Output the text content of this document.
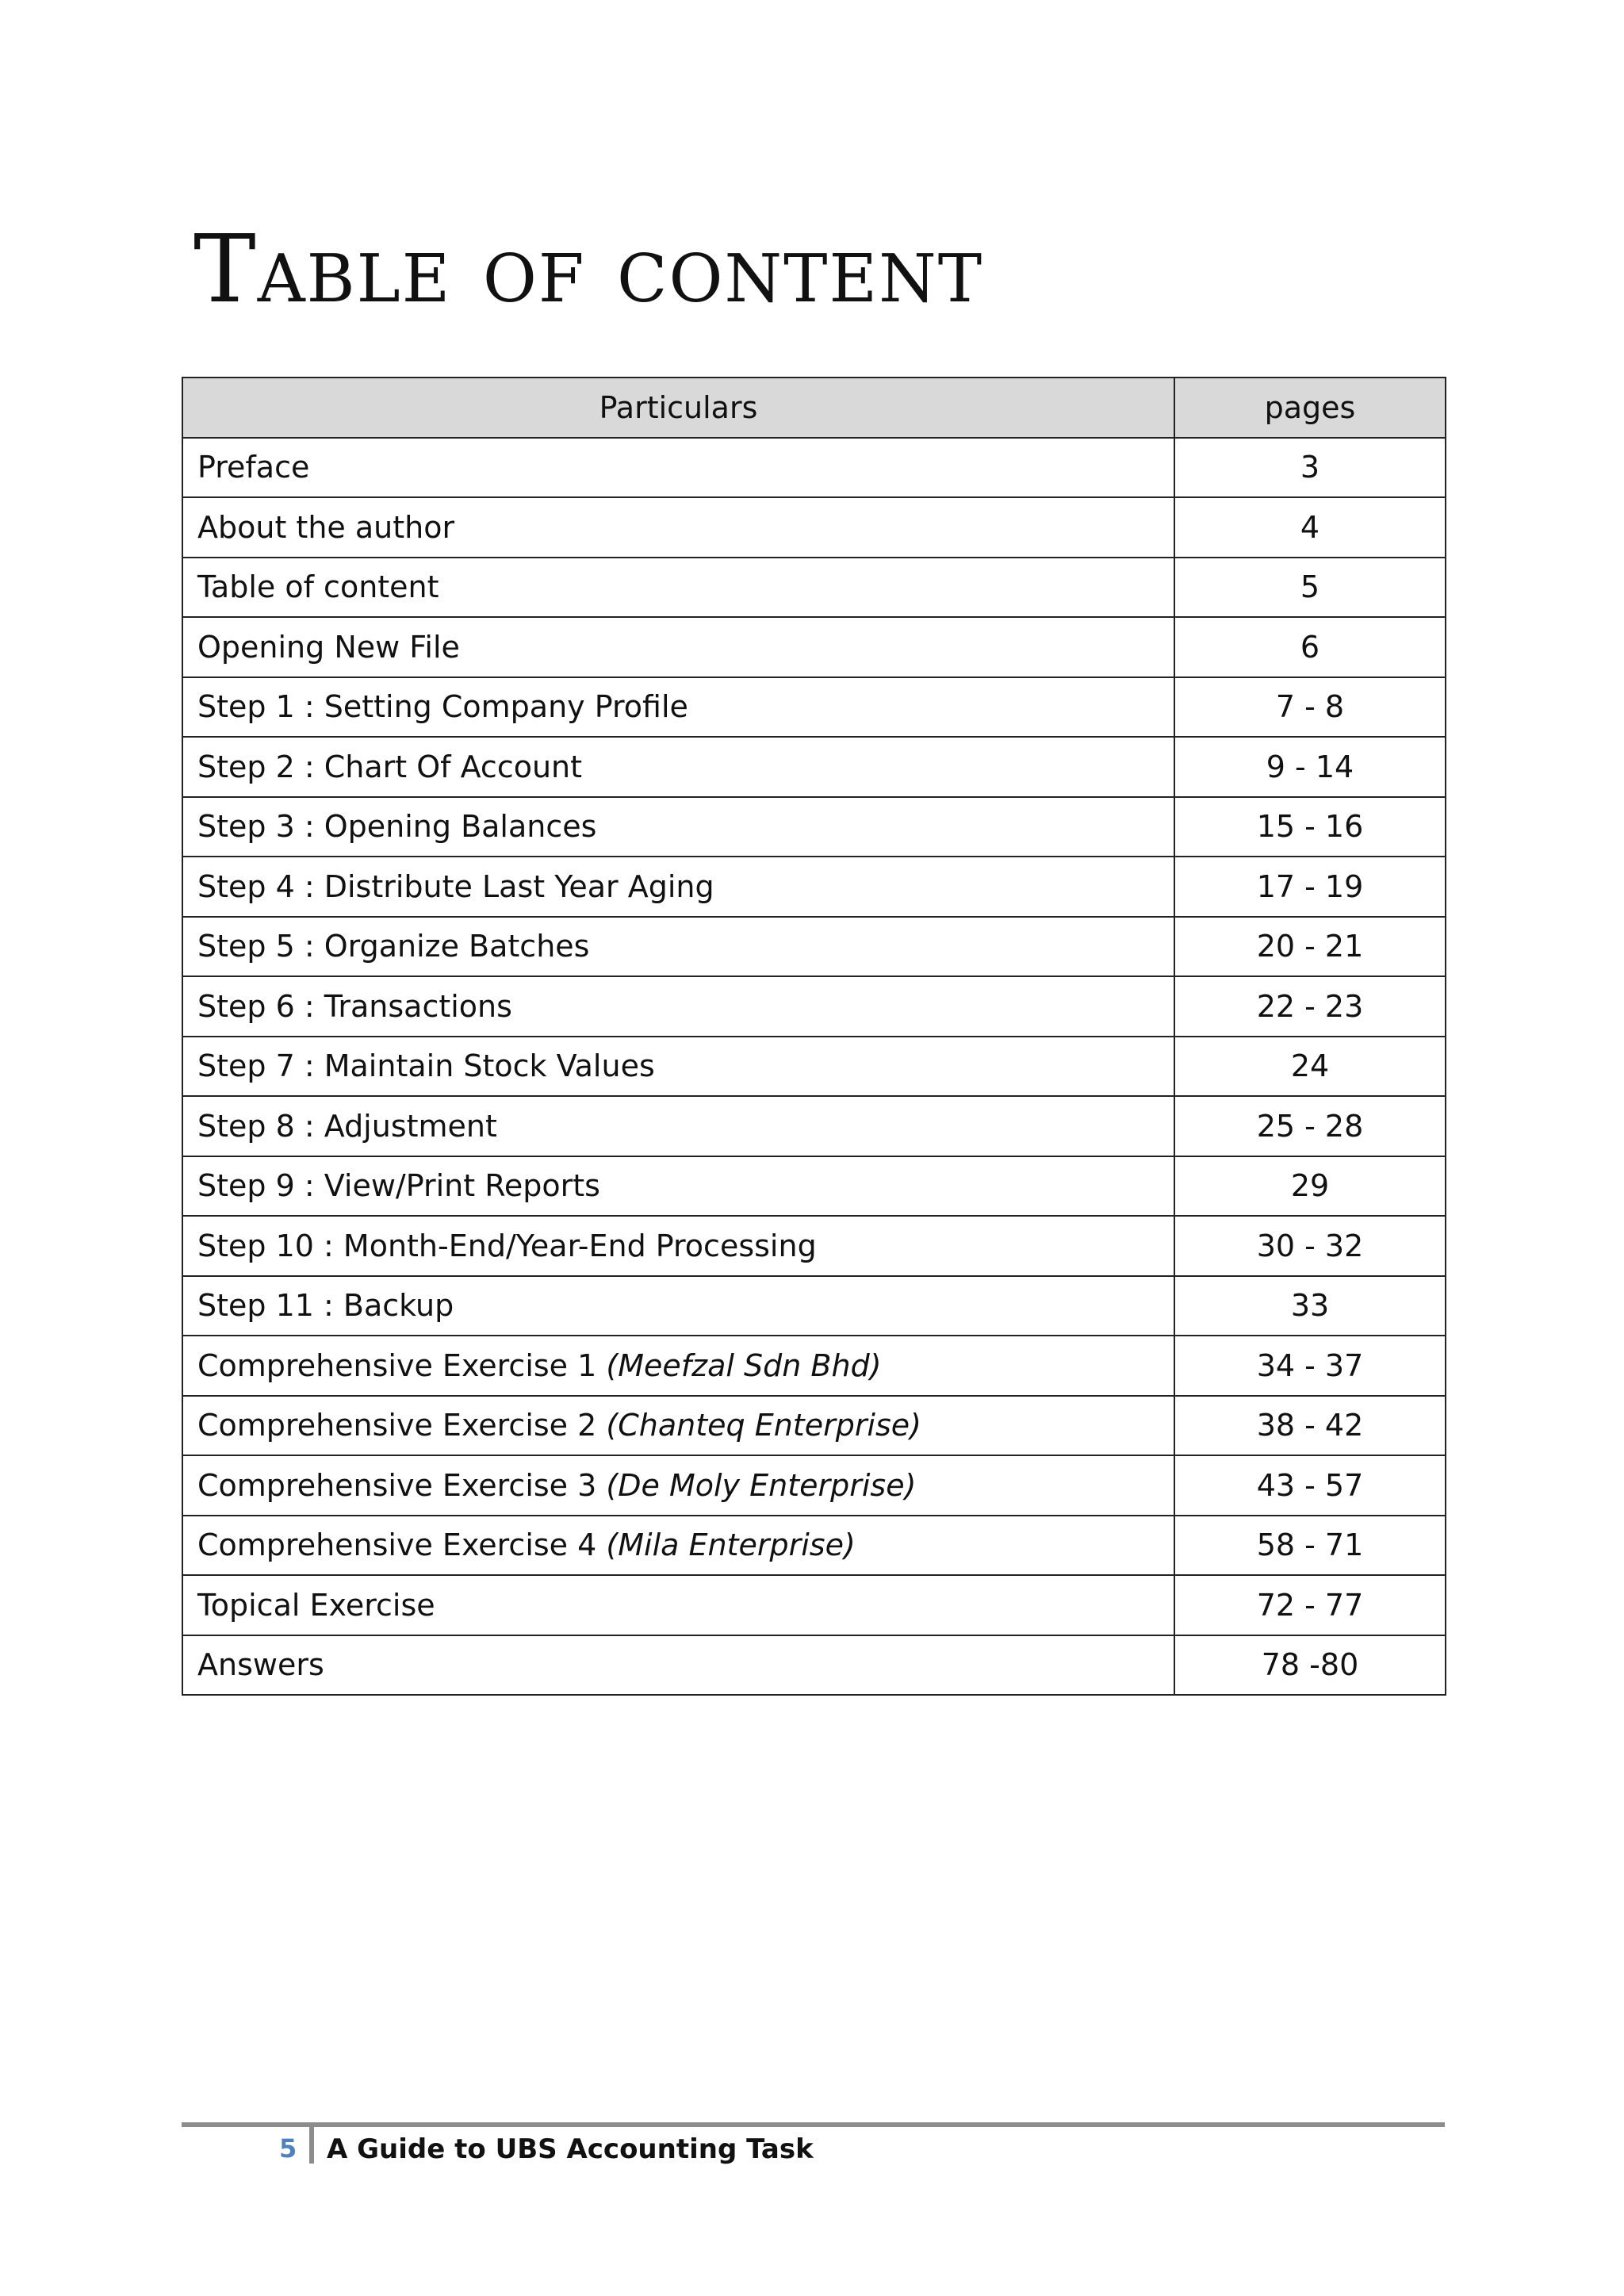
Table of content
Particulars	pages
Preface	3
About the author	4
Table of content	5
Opening New File	6
Step 1 : Setting Company Profile	7 - 8
Step 2 : Chart Of Account	9 - 14
Step 3 : Opening Balances	15 - 16
Step 4 : Distribute Last Year Aging	17 - 19
Step 5 : Organize Batches	20 - 21
Step 6 : Transactions	22 - 23
Step 7 : Maintain Stock Values	24
Step 8 : Adjustment	25 - 28
Step 9 : View/Print Reports	29
Step 10 : Month-End/Year-End Processing	30 - 32
Step 11 : Backup	33
Comprehensive Exercise 1 (Meefzal Sdn Bhd)	34 - 37
Comprehensive Exercise 2 (Chanteq Enterprise)	38 - 42
Comprehensive Exercise 3 (De Moly Enterprise)	43 - 57
Comprehensive Exercise 4 (Mila Enterprise)	58 - 71
Topical Exercise	72 - 77
Answers	78 -80
5 A Guide to UBS Accounting Task
